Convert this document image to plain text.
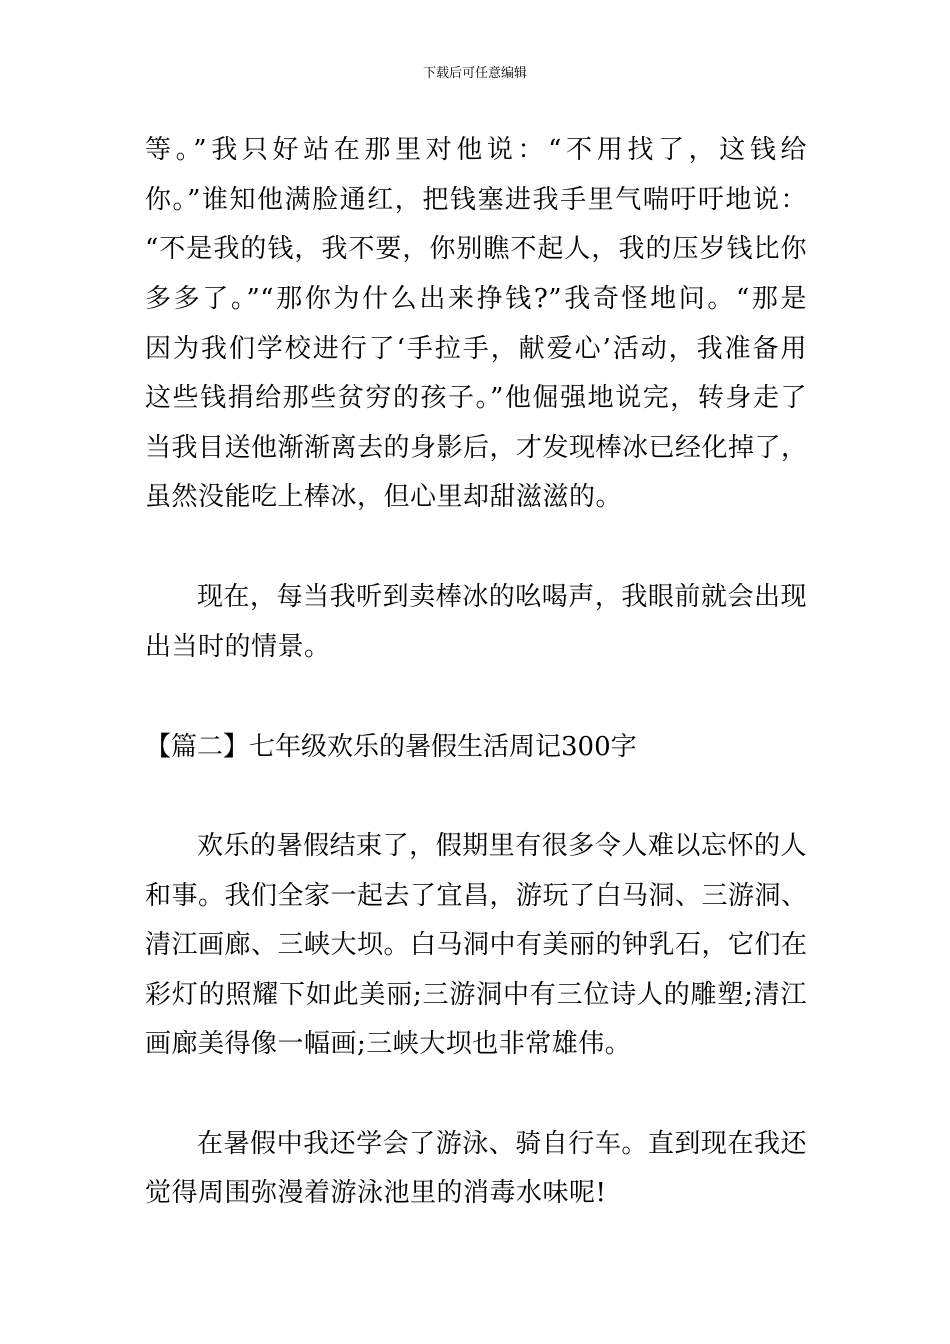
下载后可任意编辑
等。”我只好站在那里对他说：“不用找了，这钱给
你。”谁知他满脸通红，把钱塞进我手里气喘吁吁地说：
“不是我的钱，我不要，你别瞧不起人，我的压岁钱比你
多多了。”“那你为什么出来挣钱?”我奇怪地问。“那是
因为我们学校进行了‘手拉手，献爱心’活动，我准备用
这些钱捐给那些贫穷的孩子。”他倔强地说完，转身走了
当我目送他渐渐离去的身影后，才发现棒冰已经化掉了，
虽然没能吃上棒冰，但心里却甜滋滋的。
现在，每当我听到卖棒冰的吆喝声，我眼前就会出现
出当时的情景。
【篇二】七年级欢乐的暑假生活周记300字
欢乐的暑假结束了，假期里有很多令人难以忘怀的人
和事。我们全家一起去了宜昌，游玩了白马洞、三游洞、
清江画廊、三峡大坝。白马洞中有美丽的钟乳石，它们在
彩灯的照耀下如此美丽;三游洞中有三位诗人的雕塑;清江
画廊美得像一幅画;三峡大坝也非常雄伟。
在暑假中我还学会了游泳、骑自行车。直到现在我还
觉得周围弥漫着游泳池里的消毒水味呢!
